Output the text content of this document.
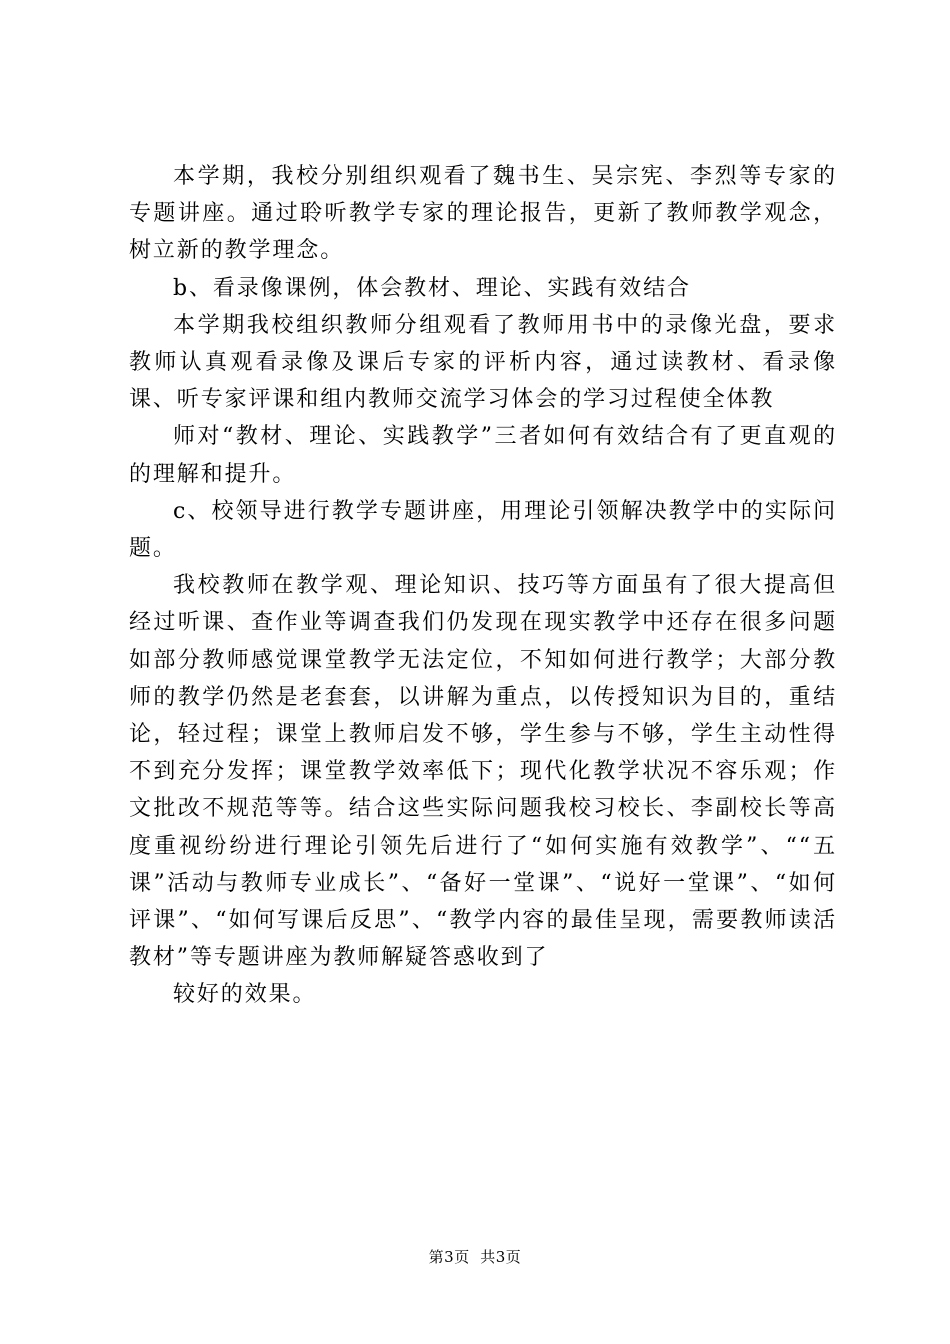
本学期，我校分别组织观看了魏书生、吴宗宪、李烈等专家的专题讲座。通过聆听教学专家的理论报告，更新了教师教学观念，树立新的教学理念。

b、看录像课例，体会教材、理论、实践有效结合

本学期我校组织教师分组观看了教师用书中的录像光盘，要求教师认真观看录像及课后专家的评析内容，通过读教材、看录像课、听专家评课和组内教师交流学习体会的学习过程使全体教

师对“教材、理论、实践教学”三者如何有效结合有了更直观的的理解和提升。

c、校领导进行教学专题讲座，用理论引领解决教学中的实际问题。

我校教师在教学观、理论知识、技巧等方面虽有了很大提高但经过听课、查作业等调查我们仍发现在现实教学中还存在很多问题如部分教师感觉课堂教学无法定位，不知如何进行教学；大部分教师的教学仍然是老套套，以讲解为重点，以传授知识为目的，重结论，轻过程；课堂上教师启发不够，学生参与不够，学生主动性得不到充分发挥；课堂教学效率低下；现代化教学状况不容乐观；作文批改不规范等等。结合这些实际问题我校习校长、李副校长等高度重视纷纷进行理论引领先后进行了“如何实施有效教学”、““五课”活动与教师专业成长”、“备好一堂课”、“说好一堂课”、“如何评课”、“如何写课后反思”、“教学内容的最佳呈现，需要教师读活教材”等专题讲座为教师解疑答惑收到了

较好的效果。

第3页 共3页
